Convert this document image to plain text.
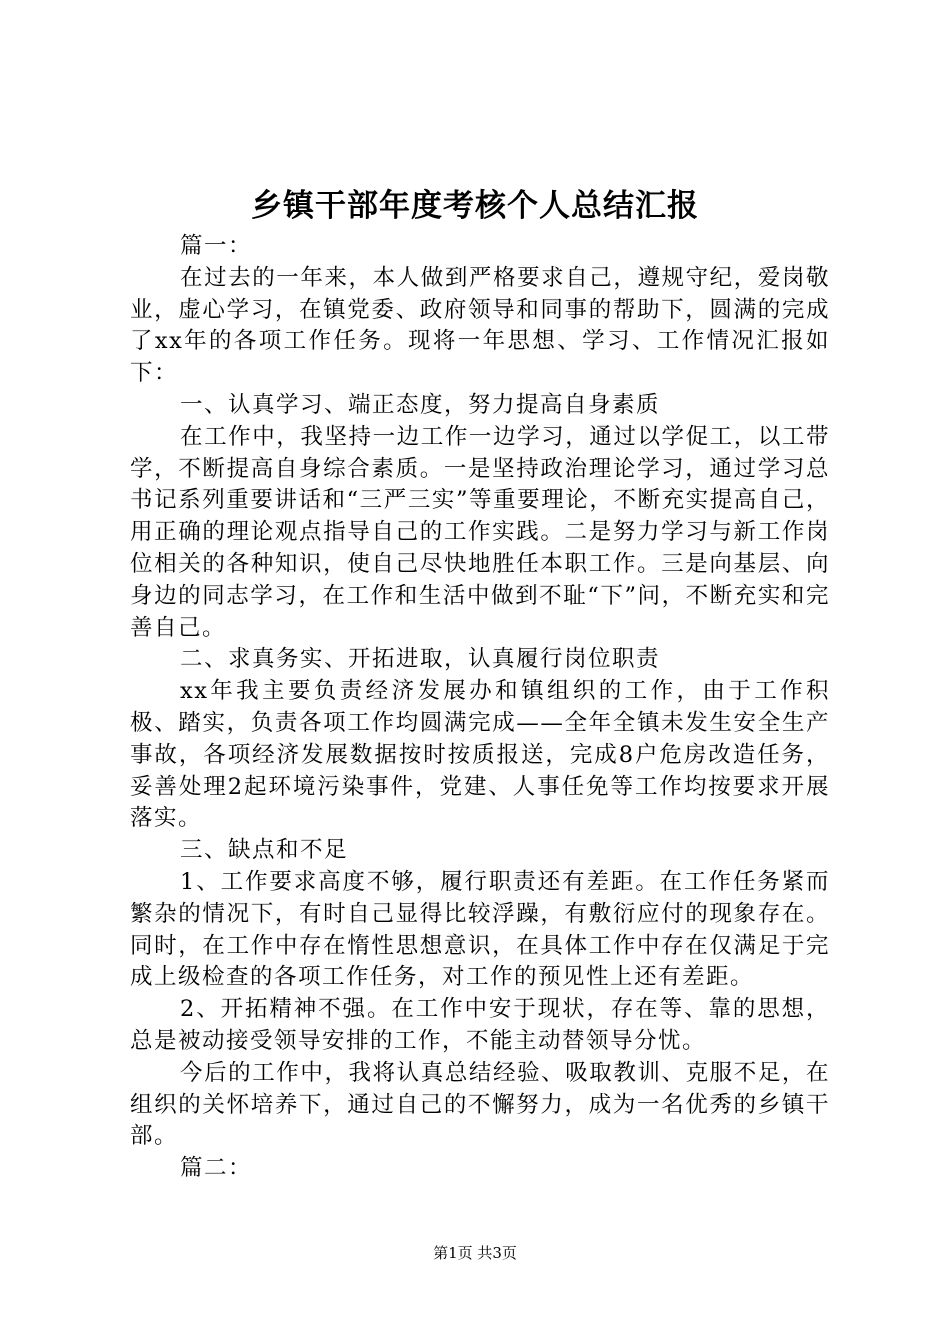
乡镇干部年度考核个人总结汇报

篇一：

在过去的一年来，本人做到严格要求自己，遵规守纪，爱岗敬业，虚心学习，在镇党委、政府领导和同事的帮助下，圆满的完成了xx年的各项工作任务。现将一年思想、学习、工作情况汇报如下：

一、认真学习、端正态度，努力提高自身素质

在工作中，我坚持一边工作一边学习，通过以学促工，以工带学，不断提高自身综合素质。一是坚持政治理论学习，通过学习总书记系列重要讲话和“三严三实”等重要理论，不断充实提高自己，用正确的理论观点指导自己的工作实践。二是努力学习与新工作岗位相关的各种知识，使自己尽快地胜任本职工作。三是向基层、向身边的同志学习，在工作和生活中做到不耻“下”问，不断充实和完善自己。

二、求真务实、开拓进取，认真履行岗位职责

xx年我主要负责经济发展办和镇组织的工作，由于工作积极、踏实，负责各项工作均圆满完成——全年全镇未发生安全生产事故，各项经济发展数据按时按质报送，完成8户危房改造任务，妥善处理2起环境污染事件，党建、人事任免等工作均按要求开展落实。

三、缺点和不足

1、工作要求高度不够，履行职责还有差距。在工作任务紧而繁杂的情况下，有时自己显得比较浮躁，有敷衍应付的现象存在。同时，在工作中存在惰性思想意识，在具体工作中存在仅满足于完成上级检查的各项工作任务，对工作的预见性上还有差距。

2、开拓精神不强。在工作中安于现状，存在等、靠的思想，总是被动接受领导安排的工作，不能主动替领导分忧。

今后的工作中，我将认真总结经验、吸取教训、克服不足，在组织的关怀培养下，通过自己的不懈努力，成为一名优秀的乡镇干部。

篇二：

第1页 共3页
